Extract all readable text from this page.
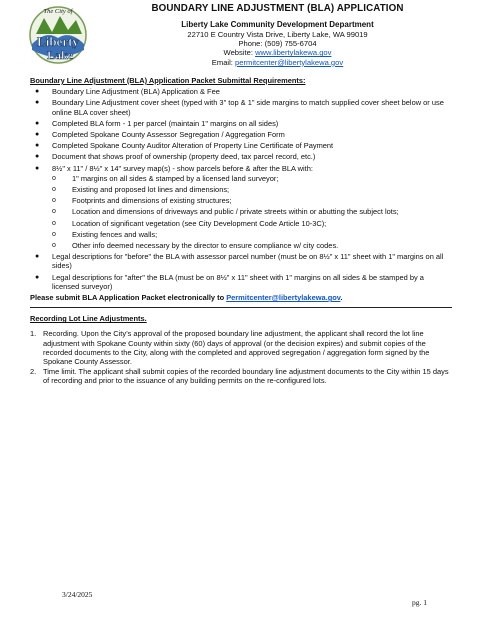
The City of
Liberty
Lake
BOUNDARY LINE ADJUSTMENT (BLA) APPLICATION
Liberty Lake Community Development Department
22710 E Country Vista Drive, Liberty Lake, WA 99019
Phone: (509) 755-6704
Website: www.libertylakewa.gov
Email: permitcenter@libertylakewa.gov
Boundary Line Adjustment (BLA) Application Packet Submittal Requirements:
● Boundary Line Adjustment (BLA) Application & Fee
● Boundary Line Adjustment cover sheet (typed with 3" top & 1" side margins to match supplied cover sheet below or use online BLA cover sheet)
● Completed BLA form - 1 per parcel (maintain 1" margins on all sides)
● Completed Spokane County Assessor Segregation / Aggregation Form
● Completed Spokane County Auditor Alteration of Property Line Certificate of Payment
● Document that shows proof of ownership (property deed, tax parcel record, etc.)
● 8½" x 11" / 8½" x 14" survey map(s) - show parcels before & after the BLA with:
o 1" margins on all sides & stamped by a licensed land surveyor;
o Existing and proposed lot lines and dimensions;
o Footprints and dimensions of existing structures;
o Location and dimensions of driveways and public / private streets within or abutting the subject lots;
o Location of significant vegetation (see City Development Code Article 10-3C);
o Existing fences and walls;
o Other info deemed necessary by the director to ensure compliance w/ city codes.
● Legal descriptions for "before" the BLA with assessor parcel number (must be on 8½" x 11" sheet with 1" margins on all sides)
● Legal descriptions for "after" the BLA (must be on 8½" x 11" sheet with 1" margins on all sides & be stamped by a licensed surveyor)
Please submit BLA Application Packet electronically to Permitcenter@libertylakewa.gov.
Recording Lot Line Adjustments.
1. Recording. Upon the City’s approval of the proposed boundary line adjustment, the applicant shall record the lot line adjustment with Spokane County within sixty (60) days of approval (or the decision expires) and submit copies of the recorded documents to the City, along with the completed and approved segregation / aggregation form signed by the Spokane County Assessor.
2. Time limit. The applicant shall submit copies of the recorded boundary line adjustment documents to the City within 15 days of recording and prior to the issuance of any building permits on the re-configured lots.
3/24/2025
pg. 1
